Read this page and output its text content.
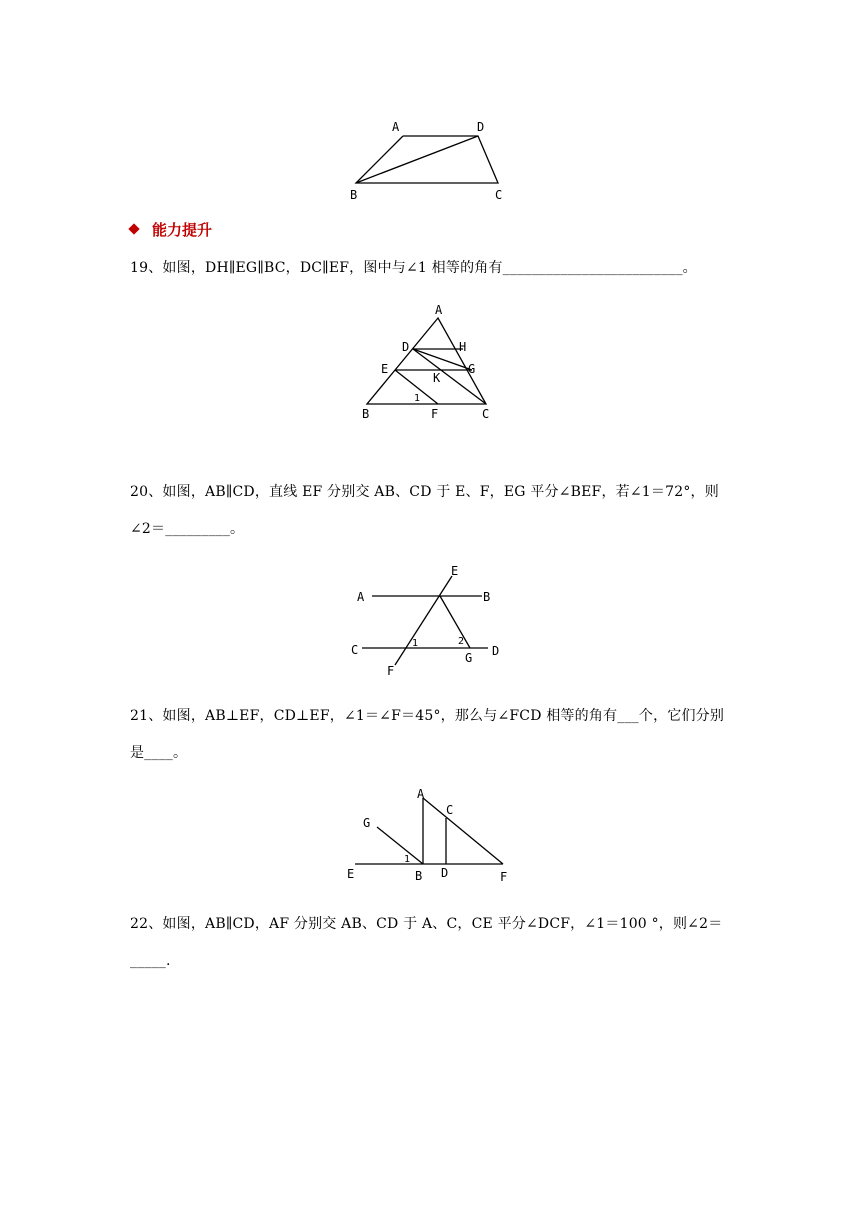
A	D
B	C
能力提升

19、如图，DH∥EG∥BC，DC∥EF，图中与∠1 相等的角有_________________________。

A
D	H
E	G
K
1
B	F	C

20、如图，AB∥CD，直线 EF 分别交 AB、CD 于 E、F，EG 平分∠BEF，若∠1＝72°，则∠2＝_________。

E
A	B
C	D
1	2
G
F

21、如图，AB⊥EF，CD⊥EF，∠1＝∠F＝45°，那么与∠FCD 相等的角有___个，它们分别是____。

A
C
G
1
E	B D	F

22、如图，AB∥CD，AF 分别交 AB、CD 于 A、C，CE 平分∠DCF，∠1＝100 °，则∠2＝_____.
